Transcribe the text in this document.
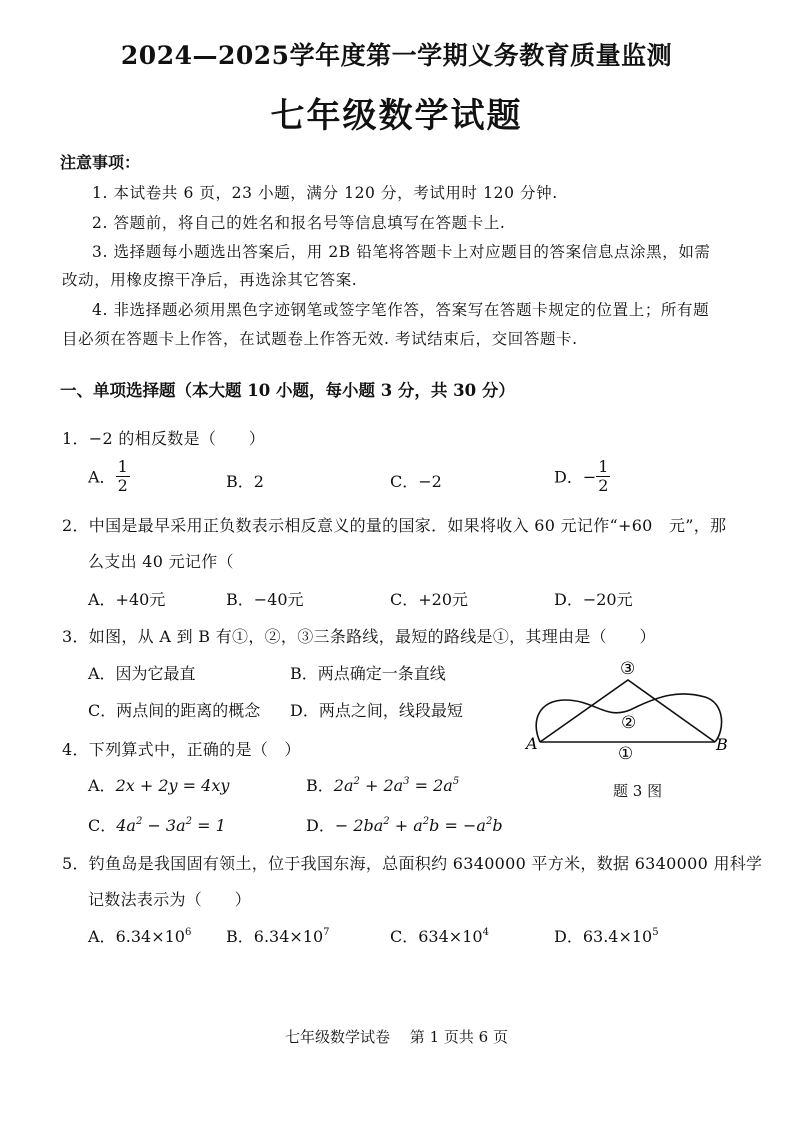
2024—2025学年度第一学期义务教育质量监测
七年级数学试题
注意事项：
1. 本试卷共 6 页，23 小题，满分 120 分，考试用时 120 分钟.
2. 答题前，将自己的姓名和报名号等信息填写在答题卡上.
3. 选择题每小题选出答案后，用 2B 铅笔将答题卡上对应题目的答案信息点涂黑，如需
改动，用橡皮擦干净后，再选涂其它答案.
4. 非选择题必须用黑色字迹钢笔或签字笔作答，答案写在答题卡规定的位置上；所有题
目必须在答题卡上作答，在试题卷上作答无效. 考试结束后，交回答题卡.
一、单项选择题（本大题 10 小题，每小题 3 分，共 30 分）
1．−2 的相反数是（　　）
A． $\frac{1}{2}$	B．2	C．−2	D．− $\frac{1}{2}$
2．中国是最早采用正负数表示相反意义的量的国家．如果将收入 60 元记作“+60　元”，那
么支出 40 元记作（
A．+40元	B．−40元	C．+20元	D．−20元
3．如图，从 A 到 B 有①，②，③三条路线，最短的路线是①，其理由是（　　）
A．因为它最直	B．两点确定一条直线
C．两点间的距离的概念 D．两点之间，线段最短
A	B
①
②
③
题 3 图
4．下列算式中，正确的是（　）
A．2x + 2y = 4xy	B．$2a^2 + 2a^3 = 2a^5$
C．$4a^2 - 3a^2 = 1$	D．− $2ba^2 + a^2b = -a^2b$
5．钓鱼岛是我国固有领土，位于我国东海，总面积约 6340000 平方米，数据 6340000 用科学
记数法表示为（　　）
A．$6.34\times 10^6$ B．$6.34\times 10^7$	C．$634\times 10^4$	D．$63.4\times 10^5$
七年级数学试卷　 第 1 页共 6 页
